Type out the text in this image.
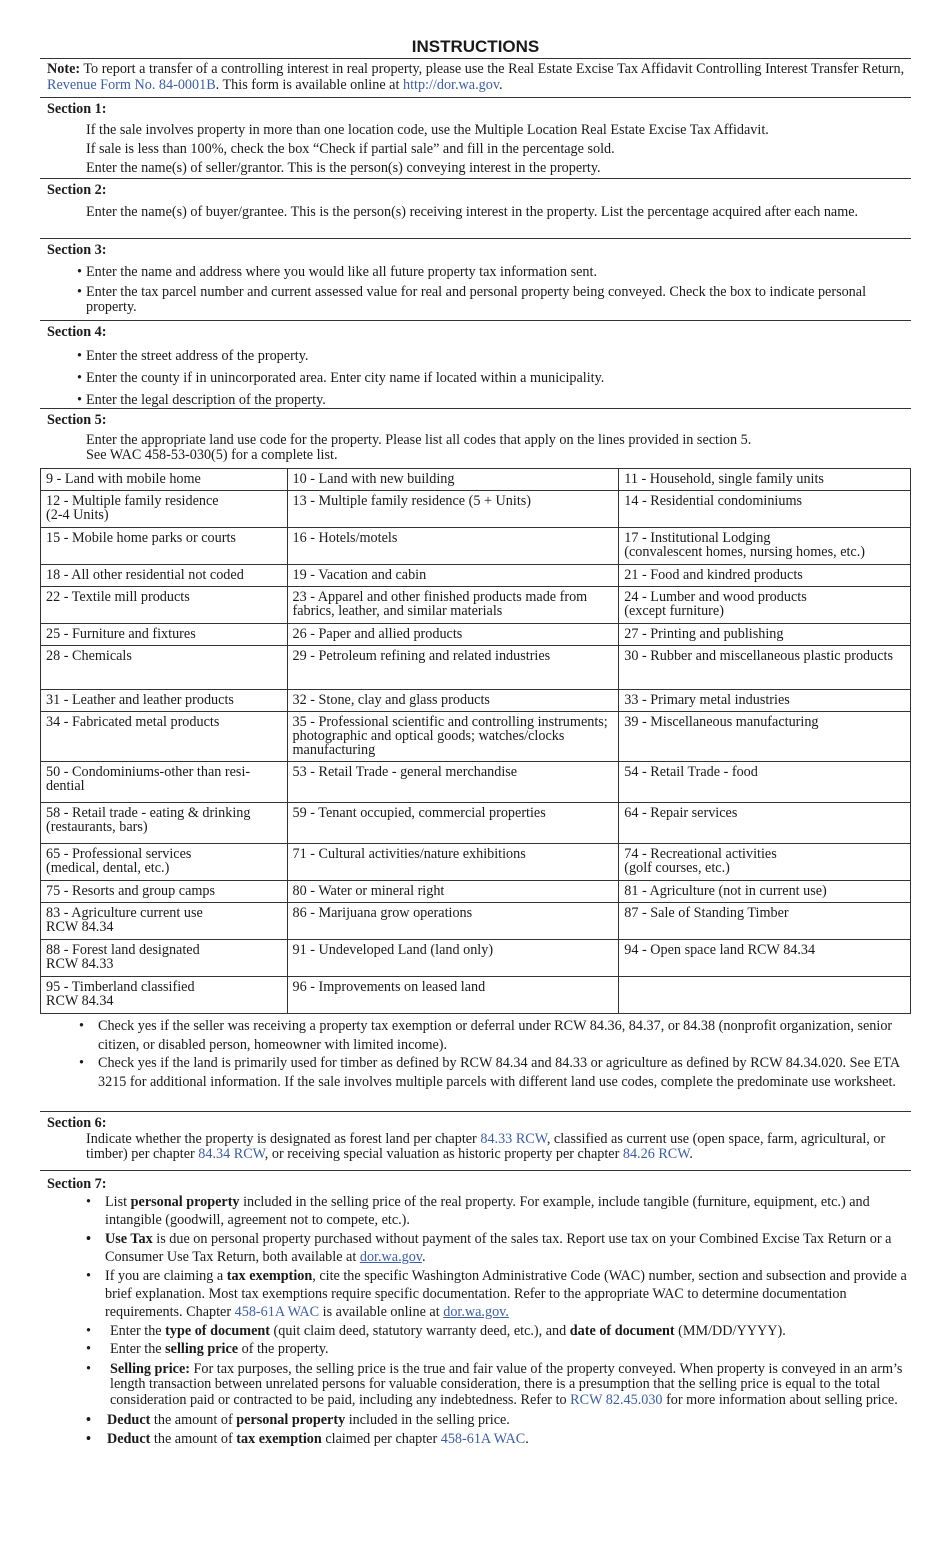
INSTRUCTIONS
Note: To report a transfer of a controlling interest in real property, please use the Real Estate Excise Tax Affidavit Controlling Interest Transfer Return, Revenue Form No. 84-0001B. This form is available online at http://dor.wa.gov.
Section 1:
If the sale involves property in more than one location code, use the Multiple Location Real Estate Excise Tax Affidavit.
If sale is less than 100%, check the box “Check if partial sale” and fill in the percentage sold.
Enter the name(s) of seller/grantor. This is the person(s) conveying interest in the property.
Section 2:
Enter the name(s) of buyer/grantee. This is the person(s) receiving interest in the property. List the percentage acquired after each name.
Section 3:
• Enter the name and address where you would like all future property tax information sent.
• Enter the tax parcel number and current assessed value for real and personal property being conveyed. Check the box to indicate personal property.
Section 4:
• Enter the street address of the property.
• Enter the county if in unincorporated area. Enter city name if located within a municipality.
• Enter the legal description of the property.
Section 5:
Enter the appropriate land use code for the property. Please list all codes that apply on the lines provided in section 5.
See WAC 458-53-030(5) for a complete list.
9 - Land with mobile home	10 - Land with new building	11 - Household, single family units
12 - Multiple family residence
(2-4 Units)	13 - Multiple family residence (5 + Units)	14 - Residential condominiums
15 - Mobile home parks or courts	16 - Hotels/motels	17 - Institutional Lodging
(convalescent homes, nursing homes, etc.)
18 - All other residential not coded	19 - Vacation and cabin	21 - Food and kindred products
22 - Textile mill products	23 - Apparel and other finished products made from fabrics, leather, and similar materials	24 - Lumber and wood products
(except furniture)
25 - Furniture and fixtures	26 - Paper and allied products	27 - Printing and publishing
28 - Chemicals	29 - Petroleum refining and related industries	30 - Rubber and miscellaneous plastic products
31 - Leather and leather products	32 - Stone, clay and glass products	33 - Primary metal industries
34 - Fabricated metal products	35 - Professional scientific and controlling instruments; photographic and optical goods; watches/clocks manufacturing	39 - Miscellaneous manufacturing
50 - Condominiums-other than resi-
dential	53 - Retail Trade - general merchandise	54 - Retail Trade - food
58 - Retail trade - eating & drinking
(restaurants, bars)	59 - Tenant occupied, commercial properties	64 - Repair services
65 - Professional services
(medical, dental, etc.)	71 - Cultural activities/nature exhibitions	74 - Recreational activities
(golf courses, etc.)
75 - Resorts and group camps	80 - Water or mineral right	81 - Agriculture (not in current use)
83 - Agriculture current use
RCW 84.34	86 - Marijuana grow operations	87 - Sale of Standing Timber
88 - Forest land designated
RCW 84.33	91 - Undeveloped Land (land only)	94 - Open space land RCW 84.34
95 - Timberland classified
RCW 84.34	96 - Improvements on leased land	
• Check yes if the seller was receiving a property tax exemption or deferral under RCW 84.36, 84.37, or 84.38 (nonprofit organization, senior citizen, or disabled person, homeowner with limited income).
• Check yes if the land is primarily used for timber as defined by RCW 84.34 and 84.33 or agriculture as defined by RCW 84.34.020. See ETA 3215 for additional information. If the sale involves multiple parcels with different land use codes, complete the predominate use worksheet.
Section 6:
Indicate whether the property is designated as forest land per chapter 84.33 RCW, classified as current use (open space, farm, agricultural, or timber) per chapter 84.34 RCW, or receiving special valuation as historic property per chapter 84.26 RCW.
Section 7:
• List personal property included in the selling price of the real property. For example, include tangible (furniture, equipment, etc.) and intangible (goodwill, agreement not to compete, etc.).
• Use Tax is due on personal property purchased without payment of the sales tax. Report use tax on your Combined Excise Tax Return or a Consumer Use Tax Return, both available at dor.wa.gov.
• If you are claiming a tax exemption, cite the specific Washington Administrative Code (WAC) number, section and subsection and provide a brief explanation. Most tax exemptions require specific documentation. Refer to the appropriate WAC to determine documentation requirements. Chapter 458-61A WAC is available online at dor.wa.gov.
• Enter the type of document (quit claim deed, statutory warranty deed, etc.), and date of document (MM/DD/YYYY).
• Enter the selling price of the property.
• Selling price: For tax purposes, the selling price is the true and fair value of the property conveyed. When property is conveyed in an arm’s length transaction between unrelated persons for valuable consideration, there is a presumption that the selling price is equal to the total consideration paid or contracted to be paid, including any indebtedness. Refer to RCW 82.45.030 for more information about selling price.
• Deduct the amount of personal property included in the selling price.
• Deduct the amount of tax exemption claimed per chapter 458-61A WAC.
